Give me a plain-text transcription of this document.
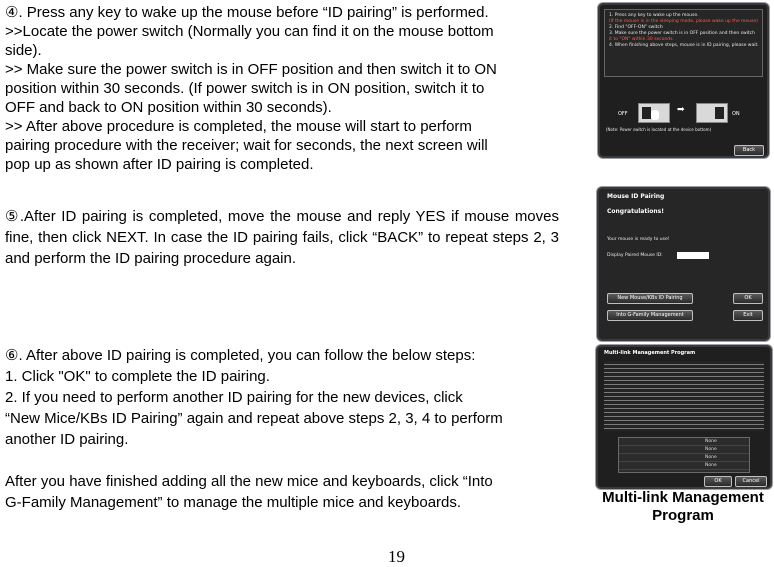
④. Press any key to wake up the mouse before “ID pairing” is performed.
>>Locate the power switch (Normally you can find it on the mouse bottom
side).
>> Make sure the power switch is in OFF position and then switch it to ON
position within 30 seconds. (If power switch is in ON position, switch it to
OFF and back to ON position within 30 seconds).
>> After above procedure is completed, the mouse will start to perform
pairing procedure with the receiver; wait for seconds, the next screen will
pop up as shown after ID pairing is completed.
⑤.After ID pairing is completed, move the mouse and reply YES if mouse moves fine, then click NEXT. In case the ID pairing fails, click “BACK” to repeat steps 2, 3 and perform the ID pairing procedure again.
⑥. After above ID pairing is completed, you can follow the below steps:
1. Click "OK" to complete the ID pairing.
2. If you need to perform another ID pairing for the new devices, click
“New Mice/KBs ID Pairing” again and repeat above steps 2, 3, 4 to perform
another ID pairing.
After you have finished adding all the new mice and keyboards, click “Into
G-Family Management” to manage the multiple mice and keyboards.
1. Press any key to wake up the mouse.
(If the mouse is in the sleeping mode, please wake up the mouse)
2. Find "OFF-ON" switch
3. Make sure the power switch is in OFF position and then switch
it to "ON" within 30 seconds.
4. When finishing above steps, mouse is in ID pairing, please wait.
OFF	➡	ON
(Note: Power switch is located at the device bottom)
Back
Mouse ID Pairing
Congratulations!
Your mouse is ready to use!
Display Paired Mouse ID:
New Mouse/KBs ID Pairing	OK
Into G-Family Management	Exit
Multi-link Management Program
None
None
None
None
OK	Cancel
Multi-link Management Program
19
